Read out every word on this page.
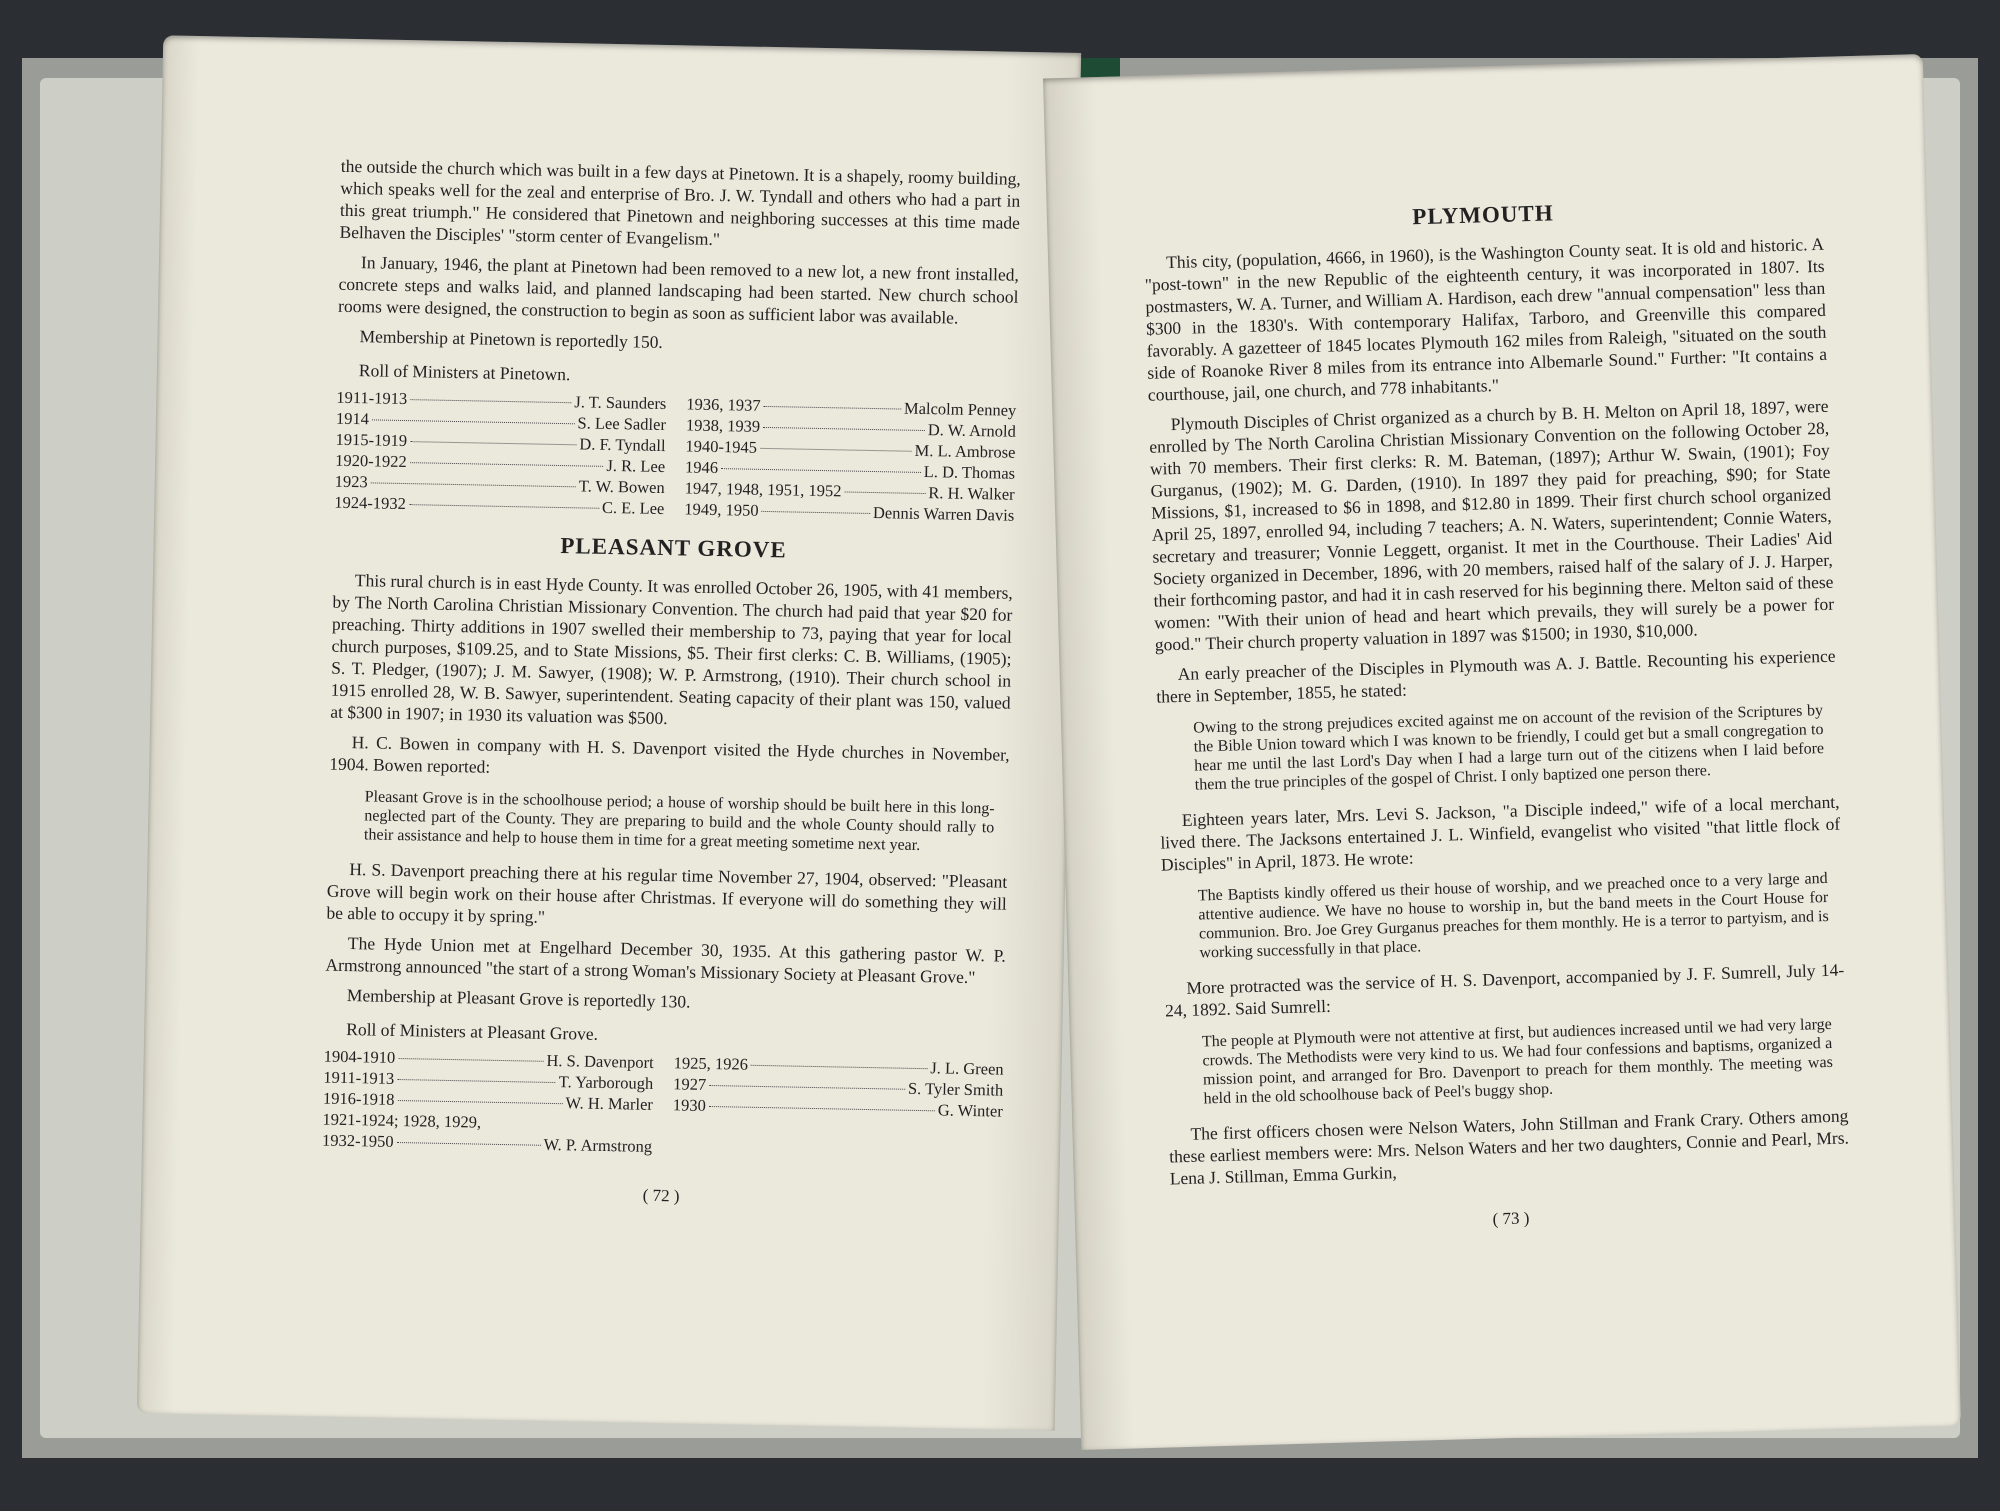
the outside the church which was built in a few days at Pinetown. It is a shapely, roomy building, which speaks well for the zeal and enterprise of Bro. J. W. Tyndall and others who had a part in this great triumph." He considered that Pinetown and neighboring successes at this time made Belhaven the Disciples' "storm center of Evangelism."

In January, 1946, the plant at Pinetown had been removed to a new lot, a new front installed, concrete steps and walks laid, and planned landscaping had been started. New church school rooms were designed, the construction to begin as soon as sufficient labor was available.

Membership at Pinetown is reportedly 150.

Roll of Ministers at Pinetown.
1911-1913	J. T. Saunders
1914	S. Lee Sadler
1915-1919	D. F. Tyndall
1920-1922	J. R. Lee
1923	T. W. Bowen
1924-1932	C. E. Lee
1936, 1937	Malcolm Penney
1938, 1939	D. W. Arnold
1940-1945	M. L. Ambrose
1946	L. D. Thomas
1947, 1948, 1951, 1952	R. H. Walker
1949, 1950	Dennis Warren Davis
PLEASANT GROVE

This rural church is in east Hyde County. It was enrolled October 26, 1905, with 41 members, by The North Carolina Christian Missionary Convention. The church had paid that year $20 for preaching. Thirty additions in 1907 swelled their membership to 73, paying that year for local church purposes, $109.25, and to State Missions, $5. Their first clerks: C. B. Williams, (1905); S. T. Pledger, (1907); J. M. Sawyer, (1908); W. P. Armstrong, (1910). Their church school in 1915 enrolled 28, W. B. Sawyer, superintendent. Seating capacity of their plant was 150, valued at $300 in 1907; in 1930 its valuation was $500.

H. C. Bowen in company with H. S. Davenport visited the Hyde churches in November, 1904. Bowen reported:

Pleasant Grove is in the schoolhouse period; a house of worship should be built here in this long-neglected part of the County. They are preparing to build and the whole County should rally to their assistance and help to house them in time for a great meeting sometime next year.

H. S. Davenport preaching there at his regular time November 27, 1904, observed: "Pleasant Grove will begin work on their house after Christmas. If everyone will do something they will be able to occupy it by spring."

The Hyde Union met at Engelhard December 30, 1935. At this gathering pastor W. P. Armstrong announced "the start of a strong Woman's Missionary Society at Pleasant Grove."

Membership at Pleasant Grove is reportedly 130.

Roll of Ministers at Pleasant Grove.
1904-1910	H. S. Davenport
1911-1913	T. Yarborough
1916-1918	W. H. Marler
1921-1924; 1928, 1929,
1932-1950	W. P. Armstrong
1925, 1926	J. L. Green
1927	S. Tyler Smith
1930	G. Winter
( 72 )
PLYMOUTH

This city, (population, 4666, in 1960), is the Washington County seat. It is old and historic. A "post-town" in the new Republic of the eighteenth century, it was incorporated in 1807. Its postmasters, W. A. Turner, and William A. Hardison, each drew "annual compensation" less than $300 in the 1830's. With contemporary Halifax, Tarboro, and Greenville this compared favorably. A gazetteer of 1845 locates Plymouth 162 miles from Raleigh, "situated on the south side of Roanoke River 8 miles from its entrance into Albemarle Sound." Further: "It contains a courthouse, jail, one church, and 778 inhabitants."

Plymouth Disciples of Christ organized as a church by B. H. Melton on April 18, 1897, were enrolled by The North Carolina Christian Missionary Convention on the following October 28, with 70 members. Their first clerks: R. M. Bateman, (1897); Arthur W. Swain, (1901); Foy Gurganus, (1902); M. G. Darden, (1910). In 1897 they paid for preaching, $90; for State Missions, $1, increased to $6 in 1898, and $12.80 in 1899. Their first church school organized April 25, 1897, enrolled 94, including 7 teachers; A. N. Waters, superintendent; Connie Waters, secretary and treasurer; Vonnie Leggett, organist. It met in the Courthouse. Their Ladies' Aid Society organized in December, 1896, with 20 members, raised half of the salary of J. J. Harper, their forthcoming pastor, and had it in cash reserved for his beginning there. Melton said of these women: "With their union of head and heart which prevails, they will surely be a power for good." Their church property valuation in 1897 was $1500; in 1930, $10,000.

An early preacher of the Disciples in Plymouth was A. J. Battle. Recounting his experience there in September, 1855, he stated:

Owing to the strong prejudices excited against me on account of the revision of the Scriptures by the Bible Union toward which I was known to be friendly, I could get but a small congregation to hear me until the last Lord's Day when I had a large turn out of the citizens when I laid before them the true principles of the gospel of Christ. I only baptized one person there.

Eighteen years later, Mrs. Levi S. Jackson, "a Disciple indeed," wife of a local merchant, lived there. The Jacksons entertained J. L. Winfield, evangelist who visited "that little flock of Disciples" in April, 1873. He wrote:

The Baptists kindly offered us their house of worship, and we preached once to a very large and attentive audience. We have no house to worship in, but the band meets in the Court House for communion. Bro. Joe Grey Gurganus preaches for them monthly. He is a terror to partyism, and is working successfully in that place.

More protracted was the service of H. S. Davenport, accompanied by J. F. Sumrell, July 14-24, 1892. Said Sumrell:

The people at Plymouth were not attentive at first, but audiences increased until we had very large crowds. The Methodists were very kind to us. We had four confessions and baptisms, organized a mission point, and arranged for Bro. Davenport to preach for them monthly. The meeting was held in the old schoolhouse back of Peel's buggy shop.

The first officers chosen were Nelson Waters, John Stillman and Frank Crary. Others among these earliest members were: Mrs. Nelson Waters and her two daughters, Connie and Pearl, Mrs. Lena J. Stillman, Emma Gurkin,

( 73 )
